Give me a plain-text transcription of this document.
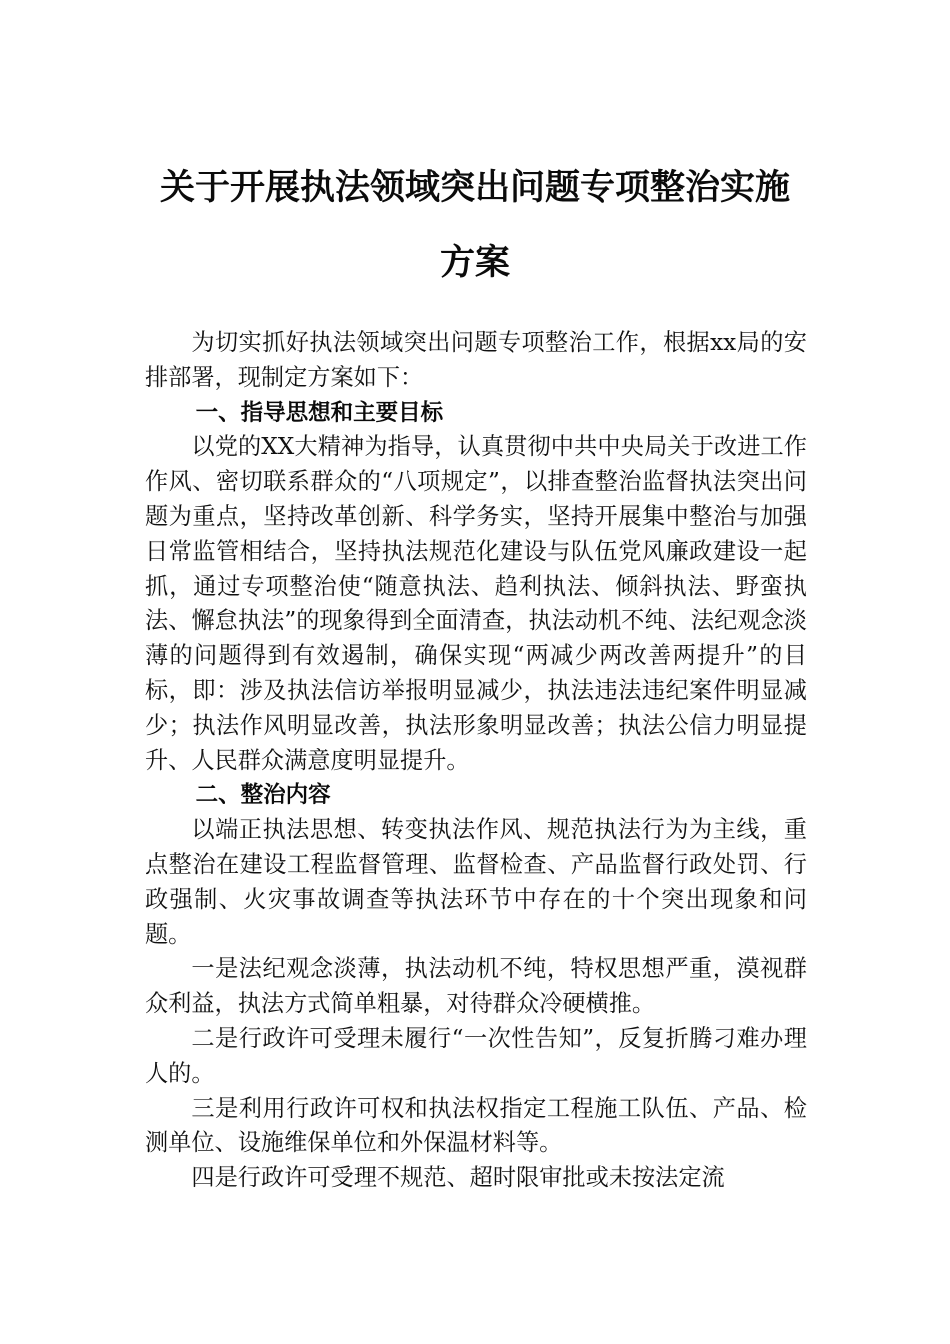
关于开展执法领域突出问题专项整治实施
方案

为切实抓好执法领域突出问题专项整治工作，根据xx局的安排部署，现制定方案如下：

一、指导思想和主要目标

以党的XX大精神为指导，认真贯彻中共中央局关于改进工作作风、密切联系群众的“八项规定”，以排查整治监督执法突出问题为重点，坚持改革创新、科学务实，坚持开展集中整治与加强日常监管相结合，坚持执法规范化建设与队伍党风廉政建设一起抓，通过专项整治使“随意执法、趋利执法、倾斜执法、野蛮执法、懈怠执法”的现象得到全面清查，执法动机不纯、法纪观念淡薄的问题得到有效遏制，确保实现“两减少两改善两提升”的目标，即：涉及执法信访举报明显减少，执法违法违纪案件明显减少；执法作风明显改善，执法形象明显改善；执法公信力明显提升、人民群众满意度明显提升。

二、整治内容

以端正执法思想、转变执法作风、规范执法行为为主线，重点整治在建设工程监督管理、监督检查、产品监督行政处罚、行政强制、火灾事故调查等执法环节中存在的十个突出现象和问题。

一是法纪观念淡薄，执法动机不纯，特权思想严重，漠视群众利益，执法方式简单粗暴，对待群众冷硬横推。

二是行政许可受理未履行“一次性告知”，反复折腾刁难办理人的。

三是利用行政许可权和执法权指定工程施工队伍、产品、检测单位、设施维保单位和外保温材料等。

四是行政许可受理不规范、超时限审批或未按法定流
